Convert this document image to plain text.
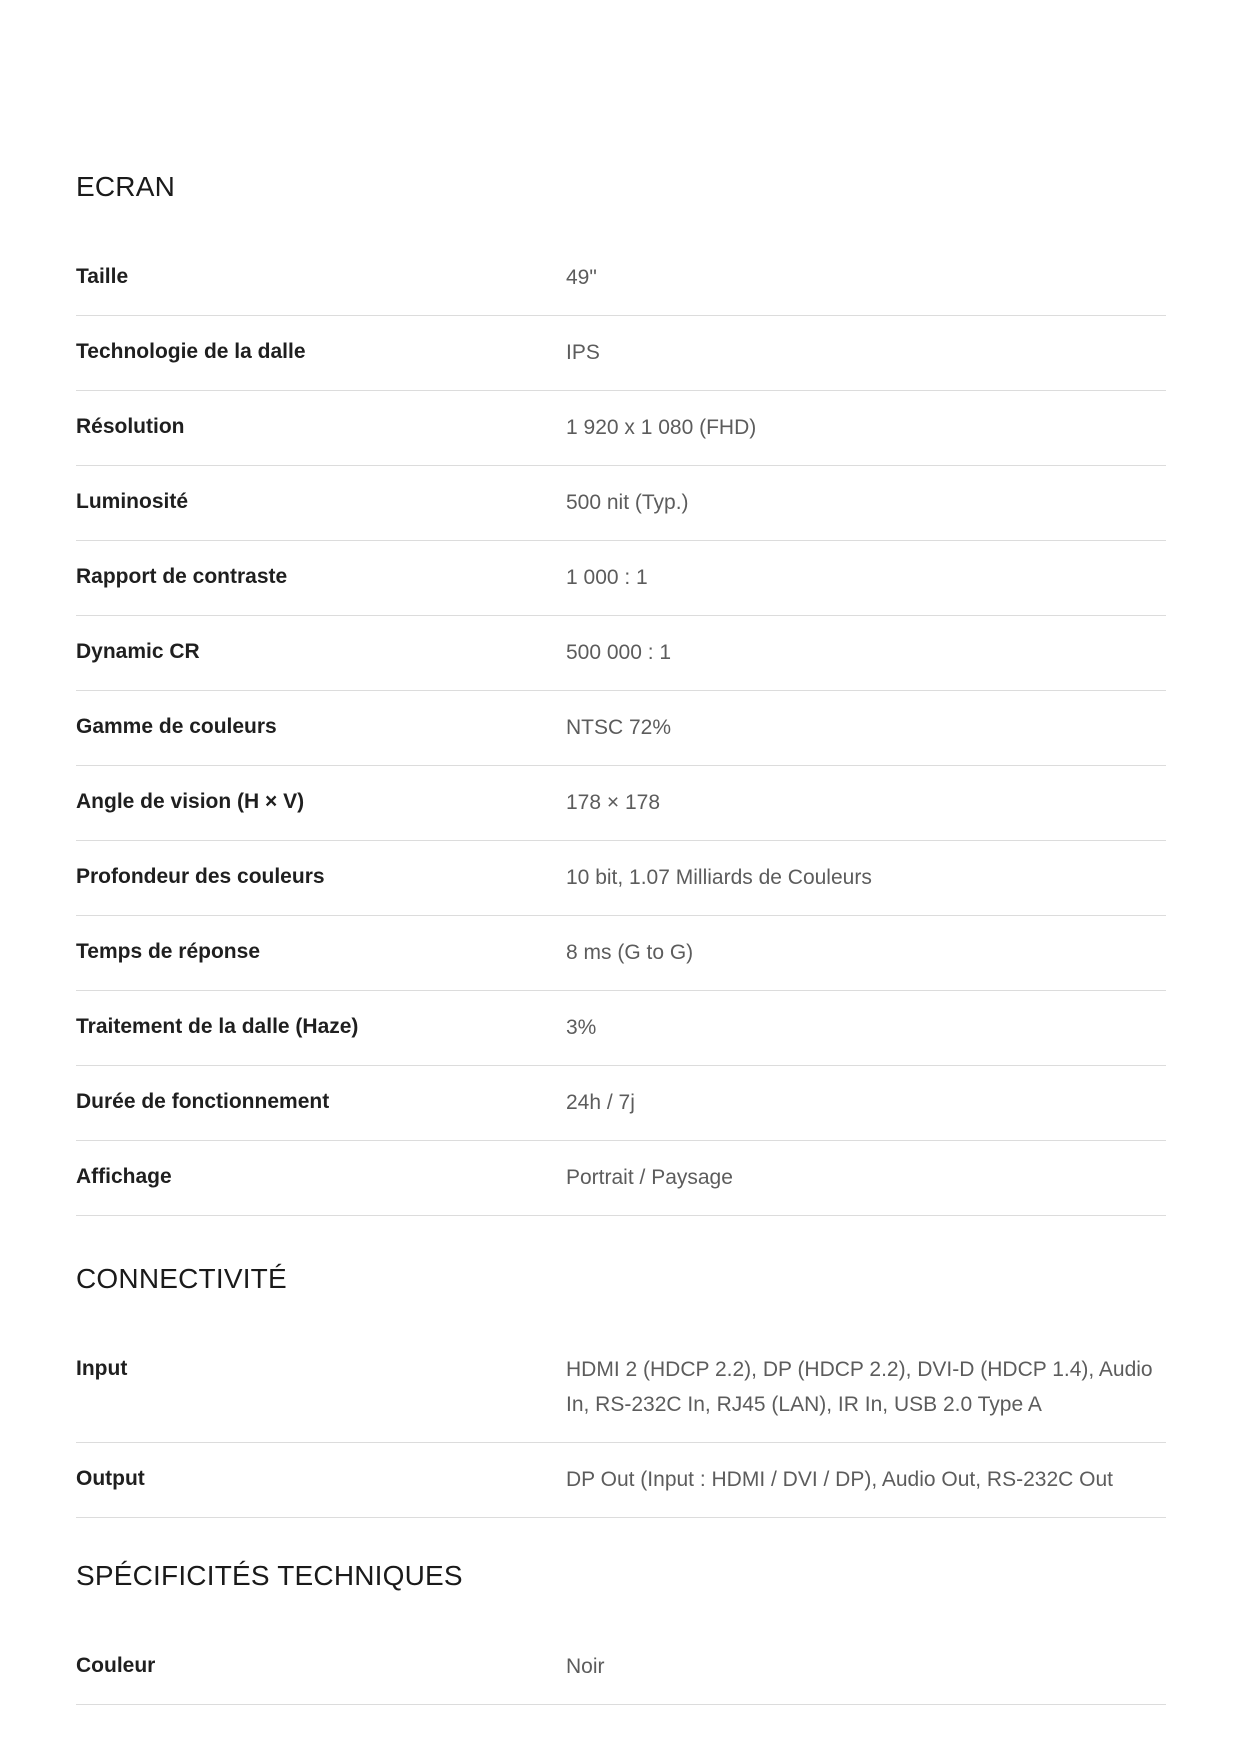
ECRAN
Taille	49"
Technologie de la dalle	IPS
Résolution	1 920 x 1 080 (FHD)
Luminosité	500 nit (Typ.)
Rapport de contraste	1 000 : 1
Dynamic CR	500 000 : 1
Gamme de couleurs	NTSC 72%
Angle de vision (H × V)	178 × 178
Profondeur des couleurs	10 bit, 1.07 Milliards de Couleurs
Temps de réponse	8 ms (G to G)
Traitement de la dalle (Haze)	3%
Durée de fonctionnement	24h / 7j
Affichage	Portrait / Paysage
CONNECTIVITÉ
Input	HDMI 2 (HDCP 2.2), DP (HDCP 2.2), DVI-D (HDCP 1.4), Audio In, RS-232C In, RJ45 (LAN), IR In, USB 2.0 Type A
Output	DP Out (Input : HDMI / DVI / DP), Audio Out, RS-232C Out
SPÉCIFICITÉS TECHNIQUES
Couleur	Noir
